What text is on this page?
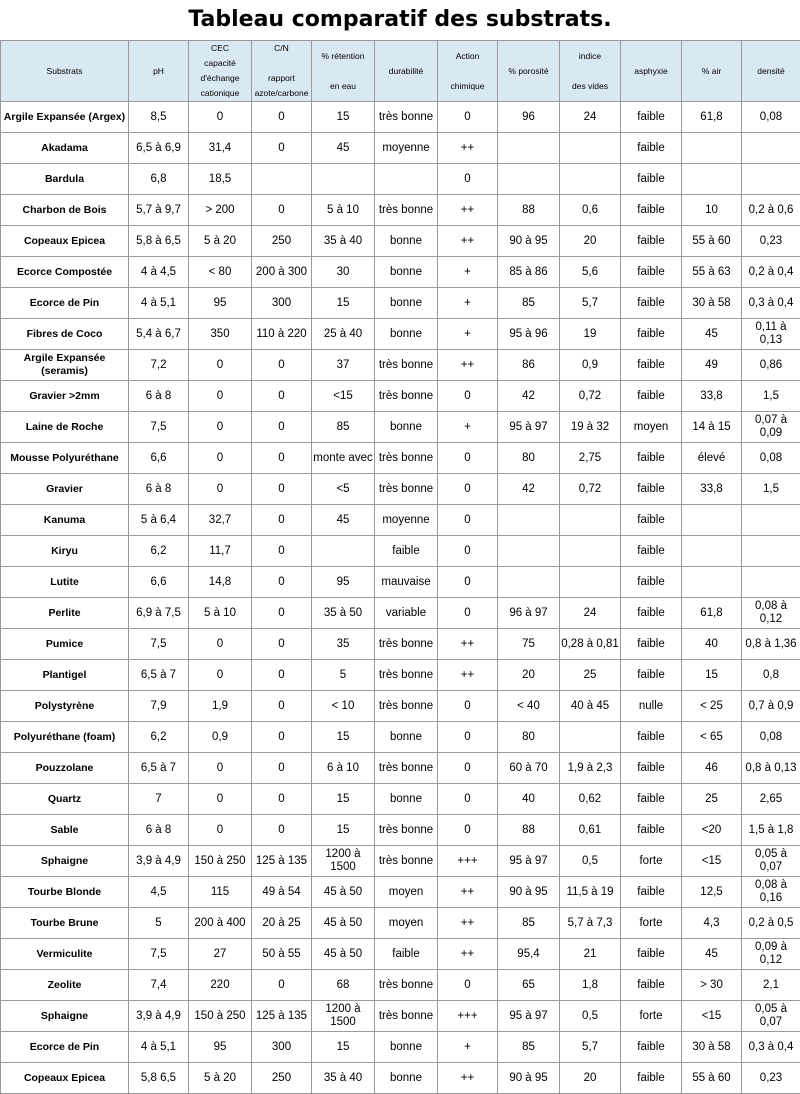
Tableau comparatif des substrats.
Substrats	pH	CEC
capacité
d'échange
cationique	C/N

rapport
azote/carbone	% rétention

en eau	durabilité	Action

chimique	% porosité	indice

des vides	asphyxie	% air	densité

Argile Expansée (Argex)	8,5	0	0	15	très bonne	0	96	24	faible	61,8	0,08
Akadama	6,5 à 6,9	31,4	0	45	moyenne	++			faible		
Bardula	6,8	18,5				0			faible		
Charbon de Bois	5,7 à 9,7	> 200	0	5 à 10	très bonne	++	88	0,6	faible	10	0,2 à 0,6
Copeaux Epicea	5,8 à 6,5	5 à 20	250	35 à 40	bonne	++	90 à 95	20	faible	55 à 60	0,23
Ecorce Compostée	4 à 4,5	< 80	200 à 300	30	bonne	+	85 à 86	5,6	faible	55 à 63	0,2 à 0,4
Ecorce de Pin	4 à 5,1	95	300	15	bonne	+	85	5,7	faible	30 à 58	0,3 à 0,4
Fibres de Coco	5,4 à 6,7	350	110 à 220	25 à 40	bonne	+	95 à 96	19	faible	45	0,11 à 0,13
Argile Expansée (seramis)	7,2	0	0	37	très bonne	++	86	0,9	faible	49	0,86
Gravier >2mm	6 à 8	0	0	<15	très bonne	0	42	0,72	faible	33,8	1,5
Laine de Roche	7,5	0	0	85	bonne	+	95 à 97	19 à 32	moyen	14 à 15	0,07 à 0,09
Mousse Polyuréthane	6,6	0	0	monte avec	très bonne	0	80	2,75	faible	élevé	0,08
Gravier	6 à 8	0	0	<5	très bonne	0	42	0,72	faible	33,8	1,5
Kanuma	5 à 6,4	32,7	0	45	moyenne	0			faible		
Kiryu	6,2	11,7	0		faible	0			faible		
Lutite	6,6	14,8	0	95	mauvaise	0			faible		
Perlite	6,9 à 7,5	5 à 10	0	35 à 50	variable	0	96 à 97	24	faible	61,8	0,08 à 0,12
Pumice	7,5	0	0	35	très bonne	++	75	0,28 à 0,81	faible	40	0,8 à 1,36
Plantigel	6,5 à 7	0	0	5	très bonne	++	20	25	faible	15	0,8
Polystyrène	7,9	1,9	0	< 10	très bonne	0	< 40	40 à 45	nulle	< 25	0,7 à 0,9
Polyuréthane (foam)	6,2	0,9	0	15	bonne	0	80		faible	< 65	0,08
Pouzzolane	6,5 à 7	0	0	6 à 10	très bonne	0	60 à 70	1,9 à 2,3	faible	46	0,8 à 0,13
Quartz	7	0	0	15	bonne	0	40	0,62	faible	25	2,65
Sable	6 à 8	0	0	15	très bonne	0	88	0,61	faible	<20	1,5 à 1,8
Sphaigne	3,9 à 4,9	150 à 250	125 à 135	1200 à 1500	très bonne	+++	95 à 97	0,5	forte	<15	0,05 à 0,07
Tourbe Blonde	4,5	115	49 à 54	45 à 50	moyen	++	90 à 95	11,5 à 19	faible	12,5	0,08 à 0,16
Tourbe Brune	5	200 à 400	20 à 25	45 à 50	moyen	++	85	5,7 à 7,3	forte	4,3	0,2 à 0,5
Vermiculite	7,5	27	50 à 55	45 à 50	faible	++	95,4	21	faible	45	0,09 à 0,12
Zeolite	7,4	220	0	68	très bonne	0	65	1,8	faible	> 30	2,1
Sphaigne	3,9 à 4,9	150 à 250	125 à 135	1200 à 1500	très bonne	+++	95 à 97	0,5	forte	<15	0,05 à 0,07
Ecorce de Pin	4 à 5,1	95	300	15	bonne	+	85	5,7	faible	30 à 58	0,3 à 0,4
Copeaux Epicea	5,8 6,5	5 à 20	250	35 à 40	bonne	++	90 à 95	20	faible	55 à 60	0,23
